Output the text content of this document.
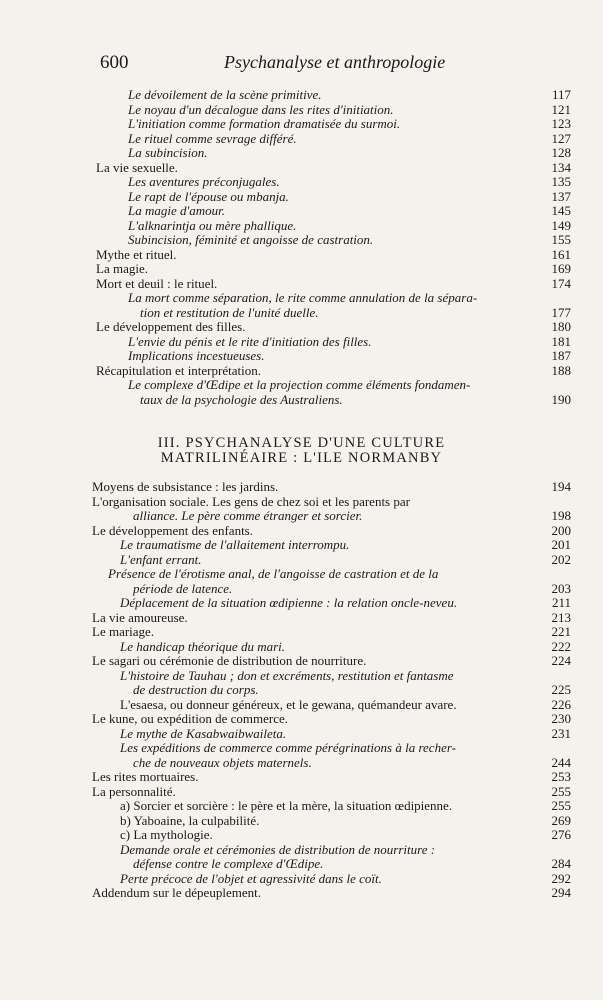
600	Psychanalyse et anthropologie
Le dévoilement de la scène primitive.	117
Le noyau d'un décalogue dans les rites d'initiation.	121
L'initiation comme formation dramatisée du surmoi.	123
Le rituel comme sevrage différé.	127
La subincision.	128
La vie sexuelle.	134
Les aventures préconjugales.	135
Le rapt de l'épouse ou mbanja.	137
La magie d'amour.	145
L'alknarintja ou mère phallique.	149
Subincision, féminité et angoisse de castration.	155
Mythe et rituel.	161
La magie.	169
Mort et deuil : le rituel.	174
La mort comme séparation, le rite comme annulation de la sépara-
tion et restitution de l'unité duelle.	177
Le développement des filles.	180
L'envie du pénis et le rite d'initiation des filles.	181
Implications incestueuses.	187
Récapitulation et interprétation.	188
Le complexe d'Œdipe et la projection comme éléments fondamen-
taux de la psychologie des Australiens.	190
III. PSYCHANALYSE D'UNE CULTURE
MATRILINÉAIRE : L'ILE NORMANBY
Moyens de subsistance : les jardins.	194
L'organisation sociale. Les gens de chez soi et les parents par
alliance. Le père comme étranger et sorcier.	198
Le développement des enfants.	200
Le traumatisme de l'allaitement interrompu.	201
L'enfant errant.	202
Présence de l'érotisme anal, de l'angoisse de castration et de la
période de latence.	203
Déplacement de la situation œdipienne : la relation oncle-neveu.	211
La vie amoureuse.	213
Le mariage.	221
Le handicap théorique du mari.	222
Le sagari ou cérémonie de distribution de nourriture.	224
L'histoire de Tauhau ; don et excréments, restitution et fantasme
de destruction du corps.	225
L'esaesa, ou donneur généreux, et le gewana, quémandeur avare.	226
Le kune, ou expédition de commerce.	230
Le mythe de Kasabwaibwaileta.	231
Les expéditions de commerce comme pérégrinations à la recher-
che de nouveaux objets maternels.	244
Les rites mortuaires.	253
La personnalité.	255
a) Sorcier et sorcière : le père et la mère, la situation œdipienne.	255
b) Yaboaine, la culpabilité.	269
c) La mythologie.	276
Demande orale et cérémonies de distribution de nourriture :
défense contre le complexe d'Œdipe.	284
Perte précoce de l'objet et agressivité dans le coït.	292
Addendum sur le dépeuplement.	294
